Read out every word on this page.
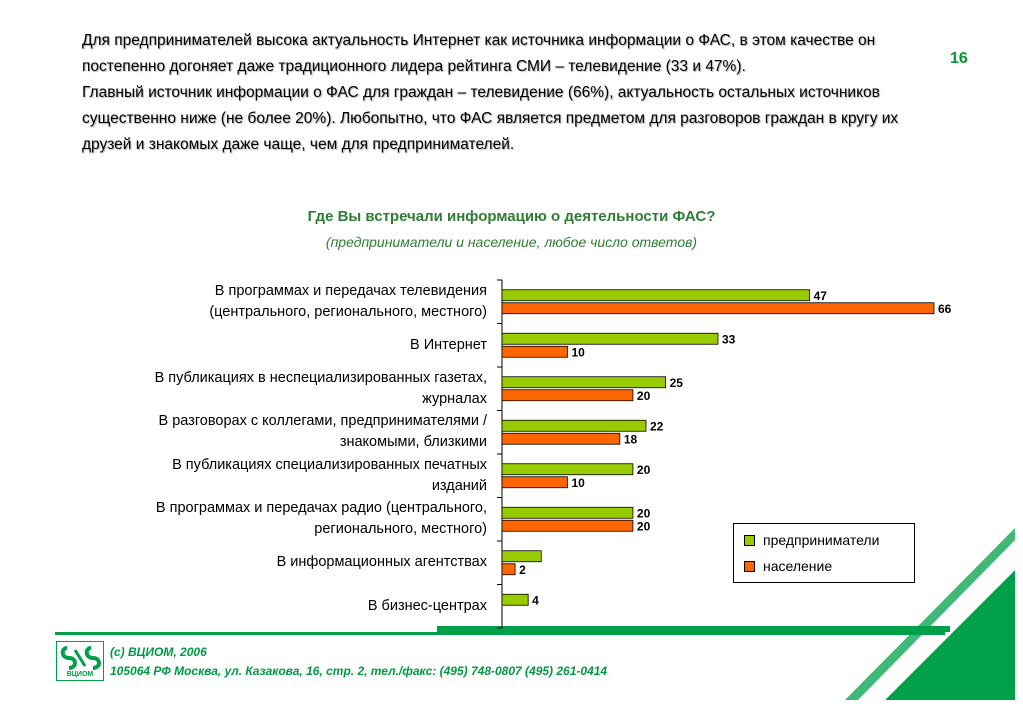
16

Для предпринимателей высока актуальность Интернет как источника информации о ФАС, в этом качестве он постепенно догоняет даже традиционного лидера рейтинга СМИ – телевидение (33 и 47%).

Главный источник информации о ФАС для граждан – телевидение (66%), актуальность остальных источников существенно ниже (не более 20%). Любопытно, что ФАС является предметом для разговоров граждан в кругу их друзей и знакомых даже чаще, чем для предпринимателей.

Где Вы встречали информацию о деятельности ФАС?
(предприниматели и население, любое число ответов)
В программах и передачах телевидения
(центрального, регионального, местного)
В Интернет
В публикациях в неспециализированных газетах,
журналах
В разговорах с коллегами, предпринимателями /
знакомыми, близкими
В публикациях специализированных печатных
изданий
В программах и передачах радио (центрального,
регионального, местного)
В информационных агентствах
В бизнес-центрах
47
66
33
10
25
20
22
18
20
10
20
20
2
4
предприниматели
население
ВЦИОМ
(с) ВЦИОМ, 2006
105064 РФ Москва, ул. Казакова, 16, стр. 2, тел./факс: (495) 748-0807 (495) 261-0414
